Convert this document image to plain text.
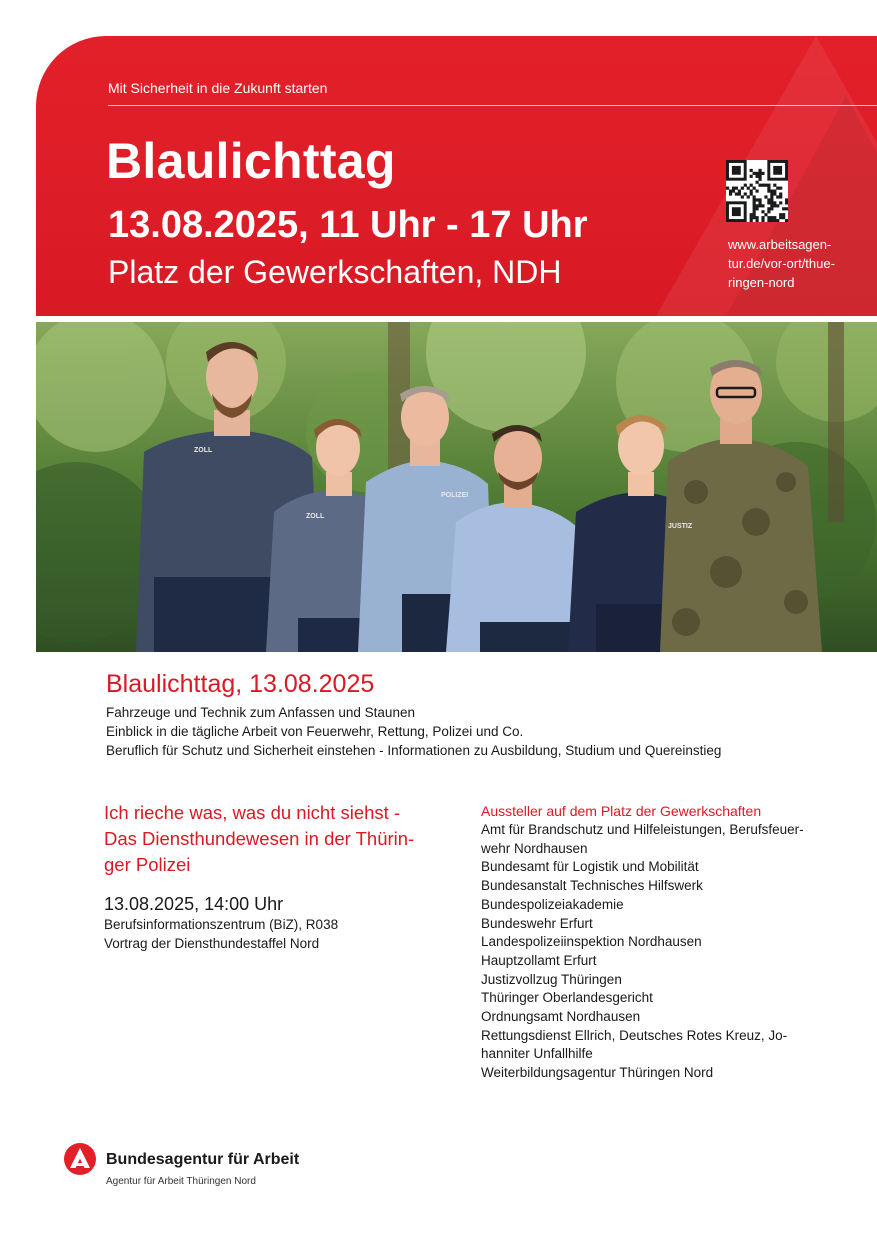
Mit Sicherheit in die Zukunft starten
Blaulichttag
13.08.2025, 11 Uhr - 17 Uhr
Platz der Gewerkschaften, NDH
www.arbeitsagen-
tur.de/vor-ort/thue-
ringen-nord
ZOLL
ZOLL
POLIZEI
JUSTIZ
Blaulichttag, 13.08.2025

Fahrzeuge und Technik zum Anfassen und Staunen

Einblick in die tägliche Arbeit von Feuerwehr, Rettung, Polizei und Co.

Beruflich für Schutz und Sicherheit einstehen - Informationen zu Ausbildung, Studium und Quereinstieg

Ich rieche was, was du nicht siehst -
Das Diensthundewesen in der Thürin-
ger Polizei
13.08.2025, 14:00 Uhr
Berufsinformationszentrum (BiZ), R038
Vortrag der Diensthundestaffel Nord
Aussteller auf dem Platz der Gewerkschaften
Amt für Brandschutz und Hilfeleistungen, Berufsfeuer-
wehr Nordhausen
Bundesamt für Logistik und Mobilität
Bundesanstalt Technisches Hilfswerk
Bundespolizeiakademie
Bundeswehr Erfurt
Landespolizeiinspektion Nordhausen
Hauptzollamt Erfurt
Justizvollzug Thüringen
Thüringer Oberlandesgericht
Ordnungsamt Nordhausen
Rettungsdienst Ellrich, Deutsches Rotes Kreuz, Jo-
hanniter Unfallhilfe
Weiterbildungsagentur Thüringen Nord
Bundesagentur für Arbeit
Agentur für Arbeit Thüringen Nord
